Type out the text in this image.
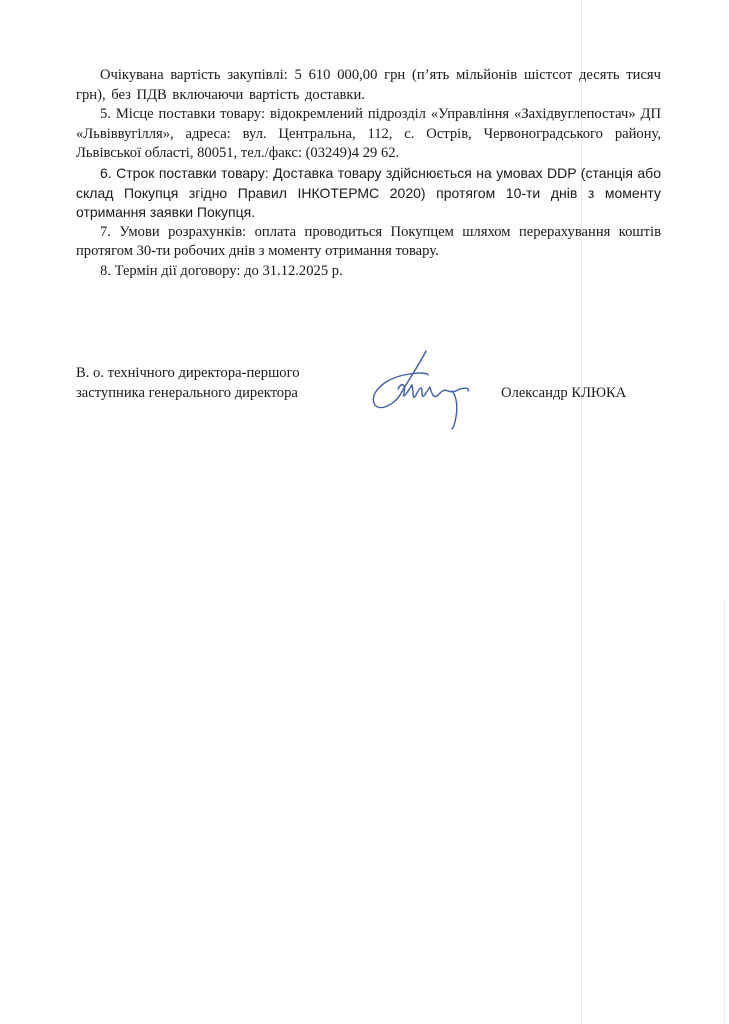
Очікувана вартість закупівлі: 5 610 000,00 грн (п’ять мільйонів шістсот десять тисяч грн), без ПДВ включаючи вартість доставки.

5. Місце поставки товару: відокремлений підрозділ «Управління «Західвуглепостач» ДП «Львіввугілля», адреса: вул. Центральна, 112, с. Острів, Червоноградського району, Львівської області, 80051, тел./факс: (03249)4 29 62.

6. Строк поставки товару: Доставка товару здійснюється на умовах DDP (станція або склад Покупця згідно Правил ІНКОТЕРМС 2020) протягом 10-ти днів з моменту отримання заявки Покупця.

7. Умови розрахунків: оплата проводиться Покупцем шляхом перерахування коштів протягом 30-ти робочих днів з моменту отримання товару.

8. Термін дії договору: до 31.12.2025 р.

В. о. технічного директора-першого
заступника генерального директора	Олександр КЛЮКА
